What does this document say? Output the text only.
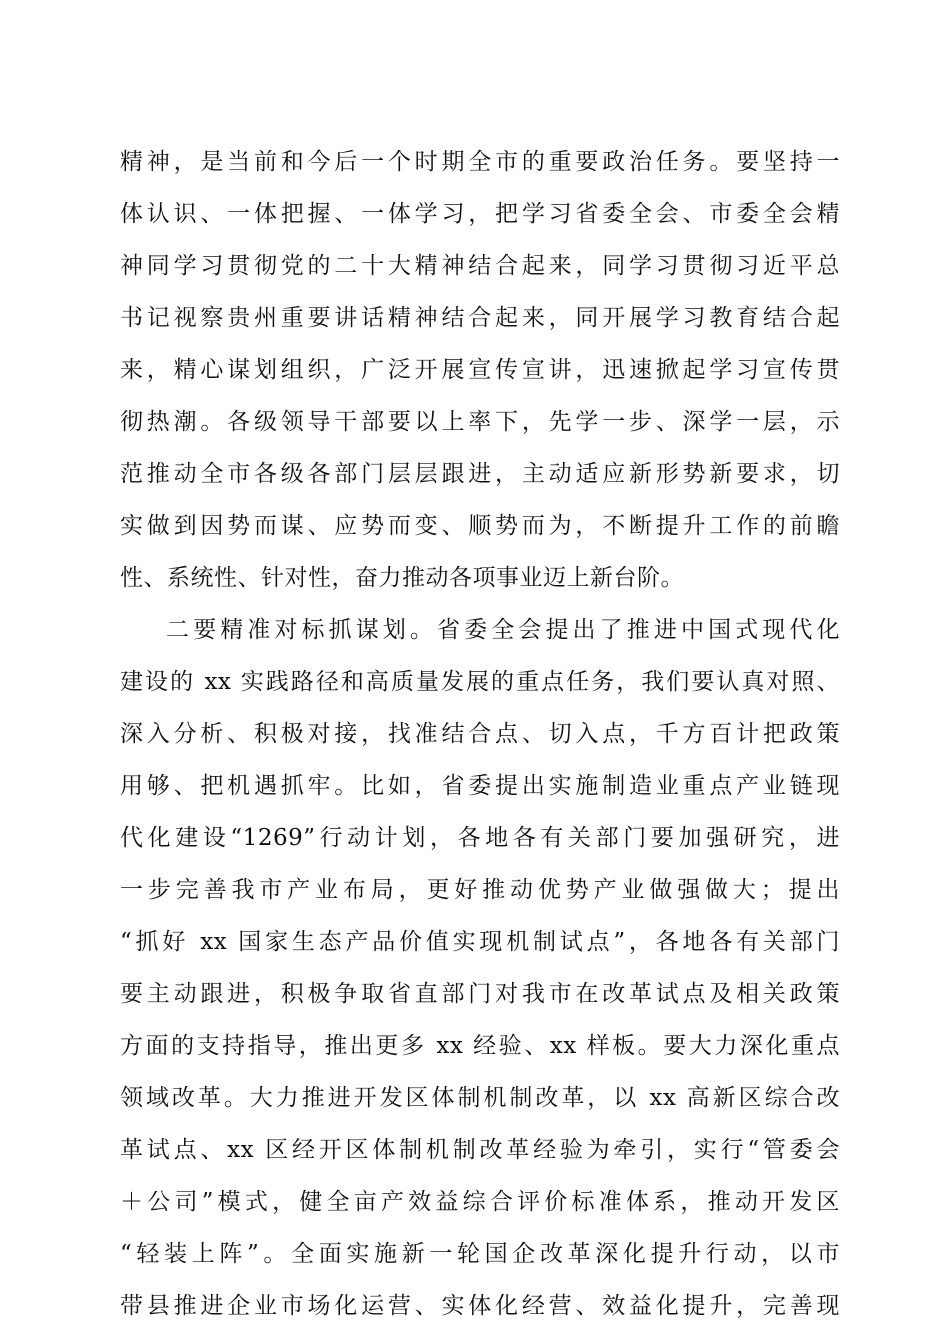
精神，是当前和今后一个时期全市的重要政治任务。要坚持一
体认识、一体把握、一体学习，把学习省委全会、市委全会精
神同学习贯彻党的二十大精神结合起来，同学习贯彻习近平总
书记视察贵州重要讲话精神结合起来，同开展学习教育结合起
来，精心谋划组织，广泛开展宣传宣讲，迅速掀起学习宣传贯
彻热潮。各级领导干部要以上率下，先学一步、深学一层，示
范推动全市各级各部门层层跟进，主动适应新形势新要求，切
实做到因势而谋、应势而变、顺势而为，不断提升工作的前瞻
性、系统性、针对性，奋力推动各项事业迈上新台阶。
二要精准对标抓谋划。省委全会提出了推进中国式现代化
建设的 xx 实践路径和高质量发展的重点任务，我们要认真对照、
深入分析、积极对接，找准结合点、切入点，千方百计把政策
用够、把机遇抓牢。比如，省委提出实施制造业重点产业链现
代化建设“1269”行动计划，各地各有关部门要加强研究，进
一步完善我市产业布局，更好推动优势产业做强做大；提出
“抓好 xx 国家生态产品价值实现机制试点”，各地各有关部门
要主动跟进，积极争取省直部门对我市在改革试点及相关政策
方面的支持指导，推出更多 xx 经验、xx 样板。要大力深化重点
领域改革。大力推进开发区体制机制改革，以 xx 高新区综合改
革试点、xx 区经开区体制机制改革经验为牵引，实行“管委会
＋公司”模式，健全亩产效益综合评价标准体系，推动开发区
“轻装上阵”。全面实施新一轮国企改革深化提升行动，以市
带县推进企业市场化运营、实体化经营、效益化提升，完善现
